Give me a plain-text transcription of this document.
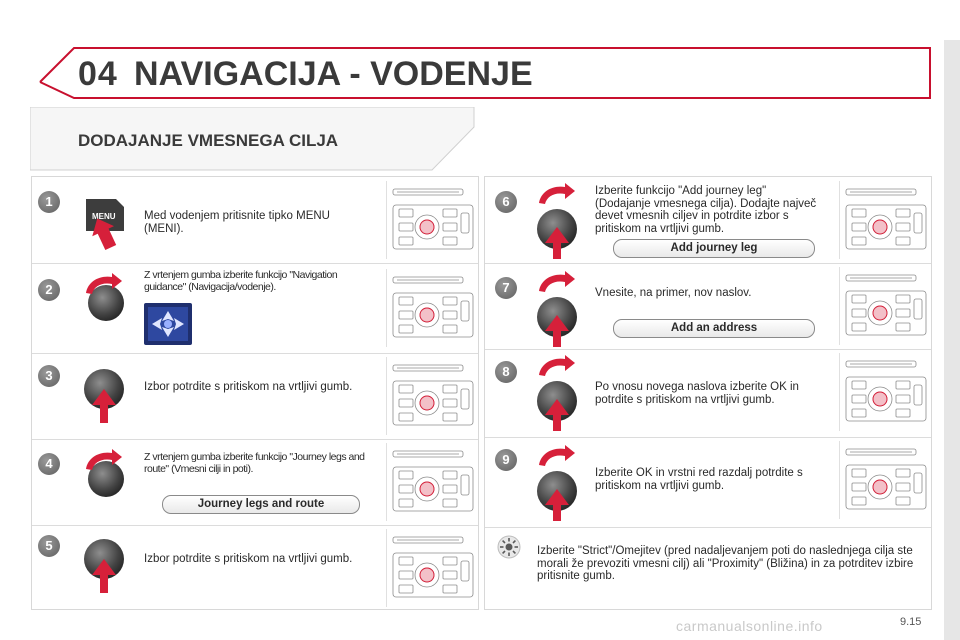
04 NAVIGACIJA - VODENJE
DODAJANJE VMESNEGA CILJA
1
MENU Med vodenjem pritisnite tipko MENU (MENI).
2
Z vrtenjem gumba izberite funkcijo "Navigation guidance" (Navigacija/vodenje).
3
Izbor potrdite s pritiskom na vrtljivi gumb.
4	Z vrtenjem gumba izberite funkcijo "Journey legs and route" (Vmesni cilji in poti).
Journey legs and route
5
Izbor potrdite s pritiskom na vrtljivi gumb.
6
Izberite funkcijo "Add journey leg" (Dodajanje vmesnega cilja). Dodajte največ devet vmesnih ciljev in potrdite izbor s pritiskom na vrtljivi gumb.
Add journey leg
7	Vnesite, na primer, nov naslov.
Add an address
8
Po vnosu novega naslova izberite OK in potrdite s pritiskom na vrtljivi gumb.
9
Izberite OK in vrstni red razdalj potrdite s pritiskom na vrtljivi gumb.
Izberite "Strict"/Omejitev (pred nadaljevanjem poti do naslednjega cilja ste morali že prevoziti vmesni cilj) ali "Proximity" (Bližina) in za potrditev izbire pritisnite gumb.
carmanualsonline.info	9.15
